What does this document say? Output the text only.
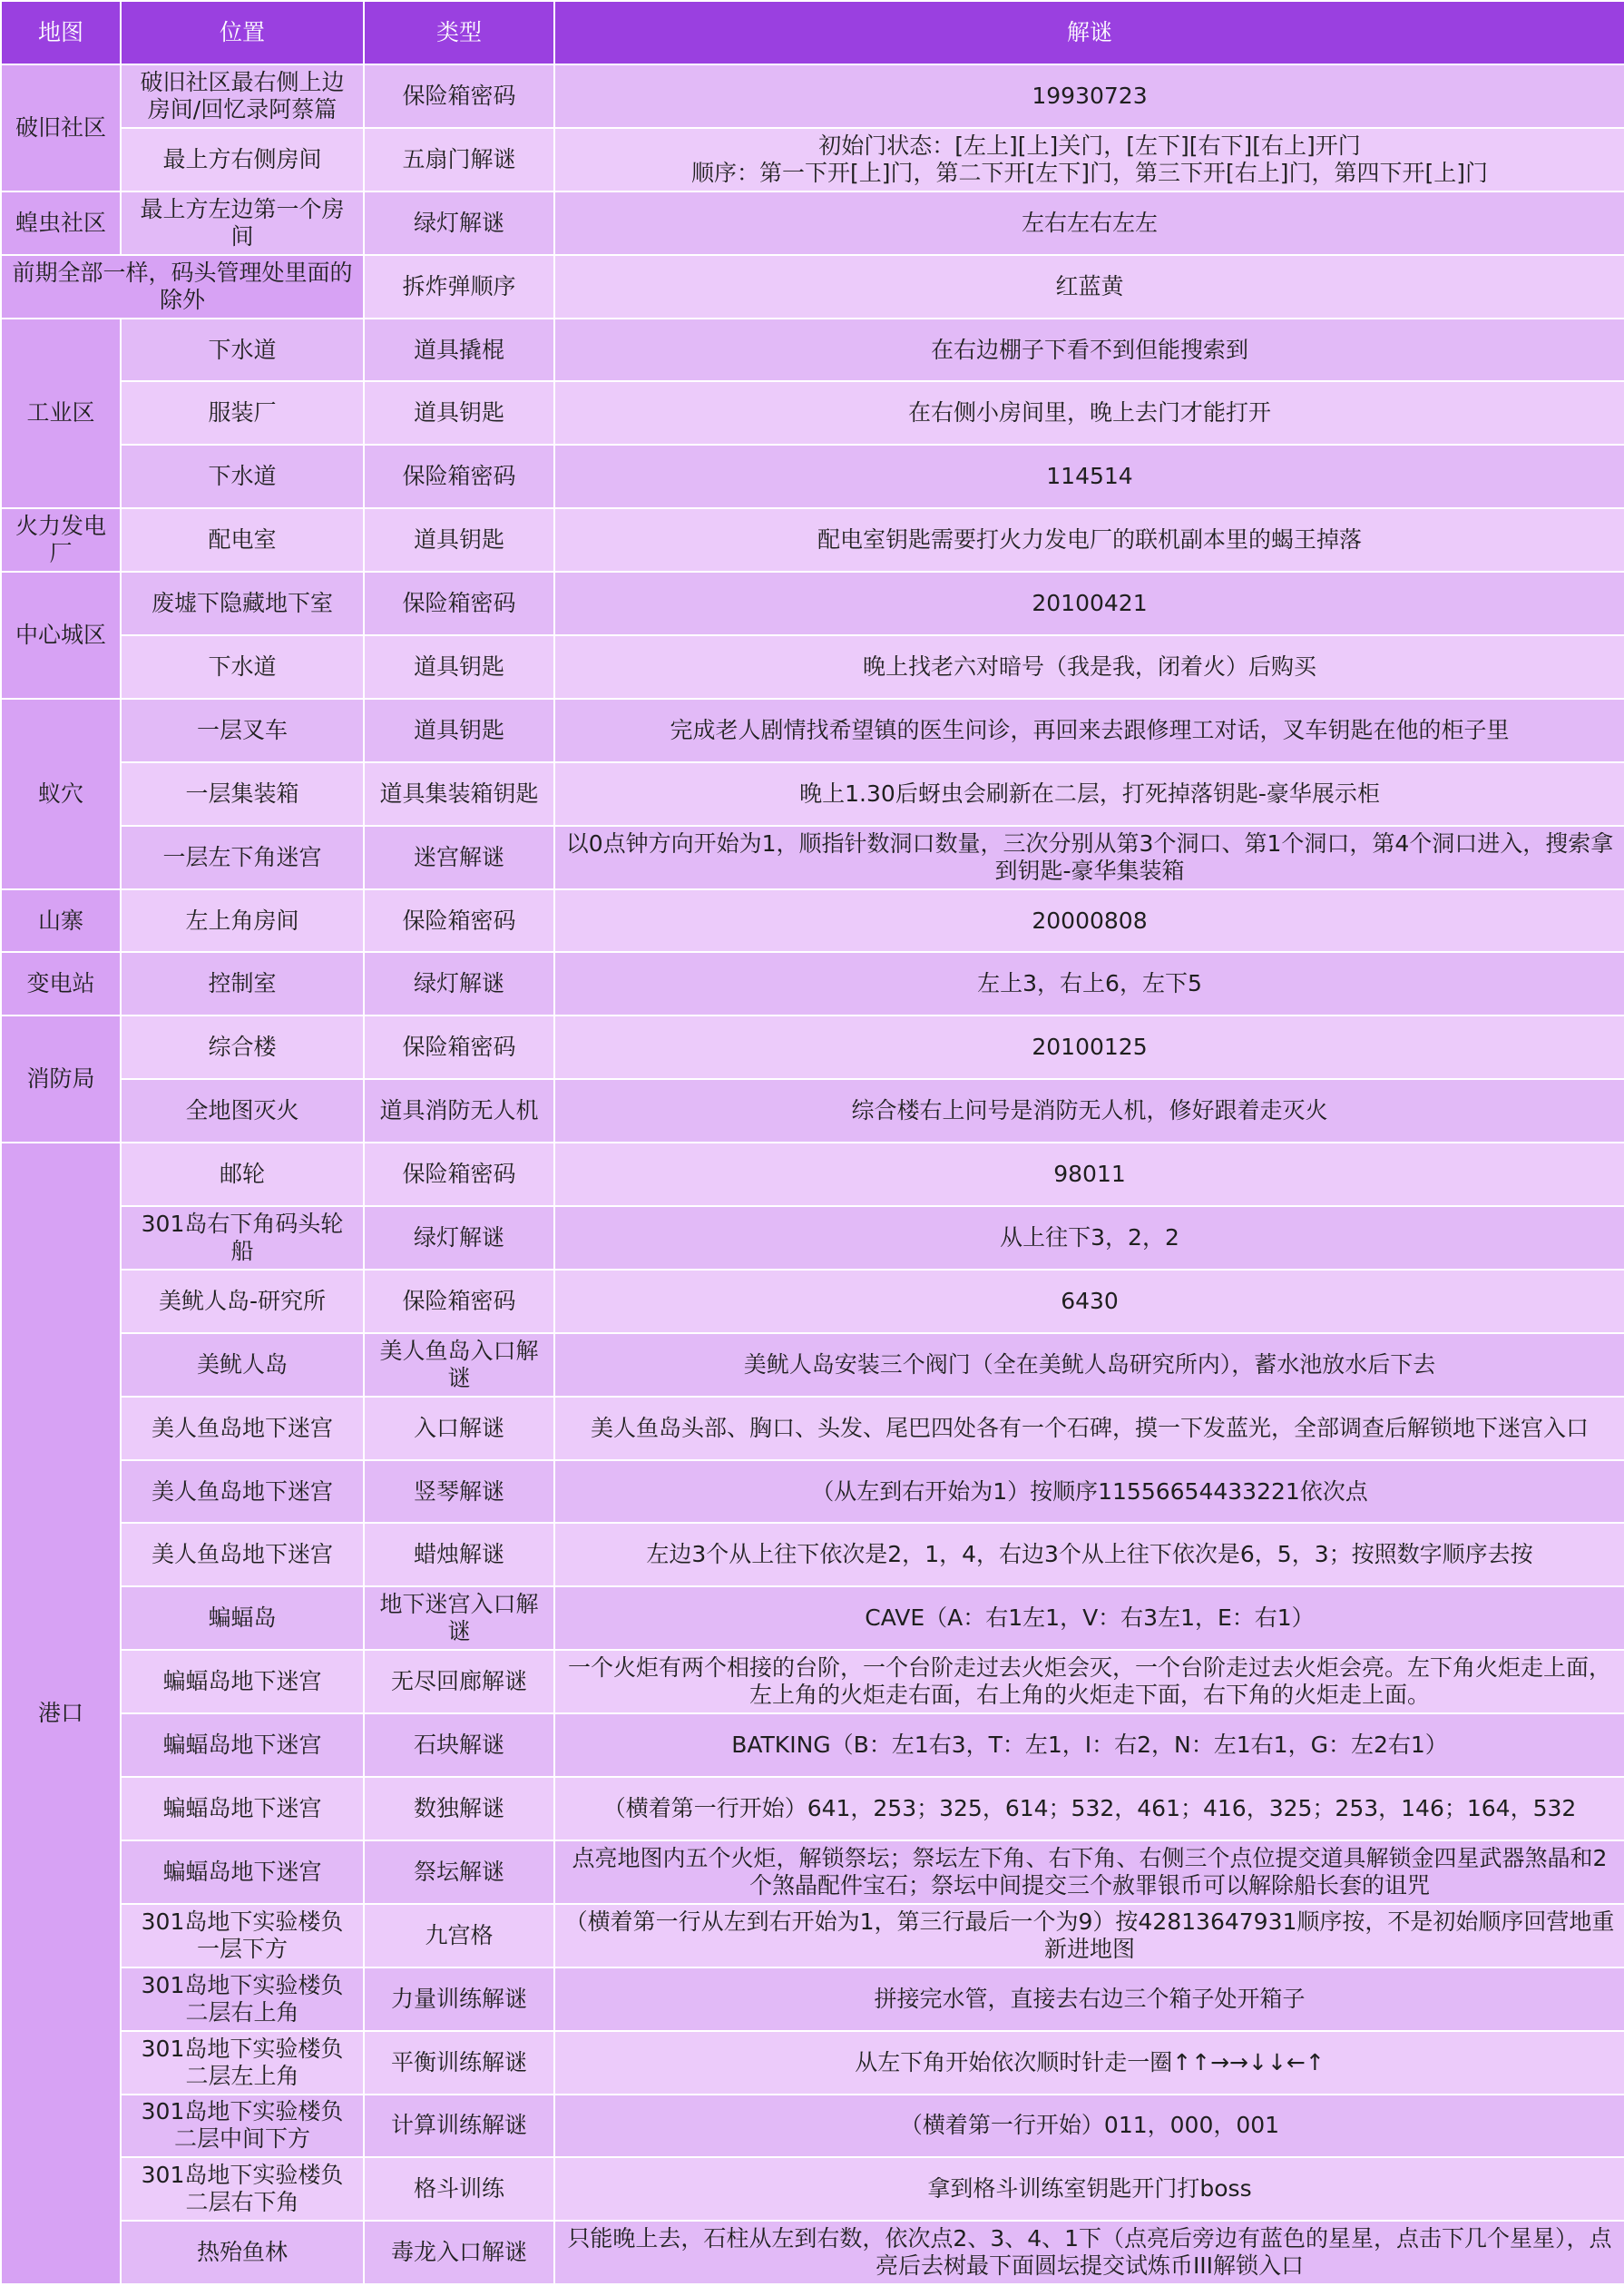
地图	位置	类型	解谜
破旧社区	破旧社区最右侧上边房间/回忆录阿蔡篇	保险箱密码	19930723
	最上方右侧房间	五扇门解谜	初始门状态：[左上][上]关门，[左下][右下][右上]开门
顺序：第一下开[上]门，第二下开[左下]门，第三下开[右上]门，第四下开[上]门
蝗虫社区	最上方左边第一个房间	绿灯解谜	左右左右左左
前期全部一样，码头管理处里面的除外		拆炸弹顺序	红蓝黄
工业区	下水道	道具撬棍	在右边棚子下看不到但能搜索到
	服装厂	道具钥匙	在右侧小房间里，晚上去门才能打开
	下水道	保险箱密码	114514
火力发电厂	配电室	道具钥匙	配电室钥匙需要打火力发电厂的联机副本里的蝎王掉落
中心城区	废墟下隐藏地下室	保险箱密码	20100421
	下水道	道具钥匙	晚上找老六对暗号（我是我，闭着火）后购买
蚁穴	一层叉车	道具钥匙	完成老人剧情找希望镇的医生问诊，再回来去跟修理工对话，叉车钥匙在他的柜子里
	一层集装箱	道具集装箱钥匙	晚上1.30后蚜虫会刷新在二层，打死掉落钥匙-豪华展示柜
	一层左下角迷宫	迷宫解谜	以0点钟方向开始为1，顺指针数洞口数量，三次分别从第3个洞口、第1个洞口，第4个洞口进入，搜索拿到钥匙-豪华集装箱
山寨	左上角房间	保险箱密码	20000808
变电站	控制室	绿灯解谜	左上3，右上6，左下5
消防局	综合楼	保险箱密码	20100125
	全地图灭火	道具消防无人机	综合楼右上问号是消防无人机，修好跟着走灭火
港口	邮轮	保险箱密码	98011
	301岛右下角码头轮船	绿灯解谜	从上往下3，2，2
	美鱿人岛-研究所	保险箱密码	6430
	美鱿人岛	美人鱼岛入口解谜	美鱿人岛安装三个阀门（全在美鱿人岛研究所内），蓄水池放水后下去
	美人鱼岛地下迷宫	入口解谜	美人鱼岛头部、胸口、头发、尾巴四处各有一个石碑，摸一下发蓝光，全部调查后解锁地下迷宫入口
	美人鱼岛地下迷宫	竖琴解谜	（从左到右开始为1）按顺序11556654433221依次点
	美人鱼岛地下迷宫	蜡烛解谜	左边3个从上往下依次是2，1，4，右边3个从上往下依次是6，5，3；按照数字顺序去按
	蝙蝠岛	地下迷宫入口解谜	CAVE（A：右1左1，V：右3左1，E：右1）
	蝙蝠岛地下迷宫	无尽回廊解谜	一个火炬有两个相接的台阶，一个台阶走过去火炬会灭，一个台阶走过去火炬会亮。左下角火炬走上面，左上角的火炬走右面，右上角的火炬走下面，右下角的火炬走上面。
	蝙蝠岛地下迷宫	石块解谜	BATKING（B：左1右3，T：左1，I：右2，N：左1右1，G：左2右1）
	蝙蝠岛地下迷宫	数独解谜	（横着第一行开始）641，253；325，614；532，461；416，325；253，146；164，532
	蝙蝠岛地下迷宫	祭坛解谜	点亮地图内五个火炬，解锁祭坛；祭坛左下角、右下角、右侧三个点位提交道具解锁金四星武器煞晶和2个煞晶配件宝石；祭坛中间提交三个赦罪银币可以解除船长套的诅咒
	301岛地下实验楼负一层下方	九宫格	（横着第一行从左到右开始为1，第三行最后一个为9）按42813647931顺序按，不是初始顺序回营地重新进地图
	301岛地下实验楼负二层右上角	力量训练解谜	拼接完水管，直接去右边三个箱子处开箱子
	301岛地下实验楼负二层左上角	平衡训练解谜	从左下角开始依次顺时针走一圈↑↑→→↓↓←↑
	301岛地下实验楼负二层中间下方	计算训练解谜	（横着第一行开始）011，000，001
	301岛地下实验楼负二层右下角	格斗训练	拿到格斗训练室钥匙开门打boss
	热殆鱼林	毒龙入口解谜	只能晚上去，石柱从左到右数，依次点2、3、4、1下（点亮后旁边有蓝色的星星，点击下几个星星），点亮后去树最下面圆坛提交试炼币III解锁入口
